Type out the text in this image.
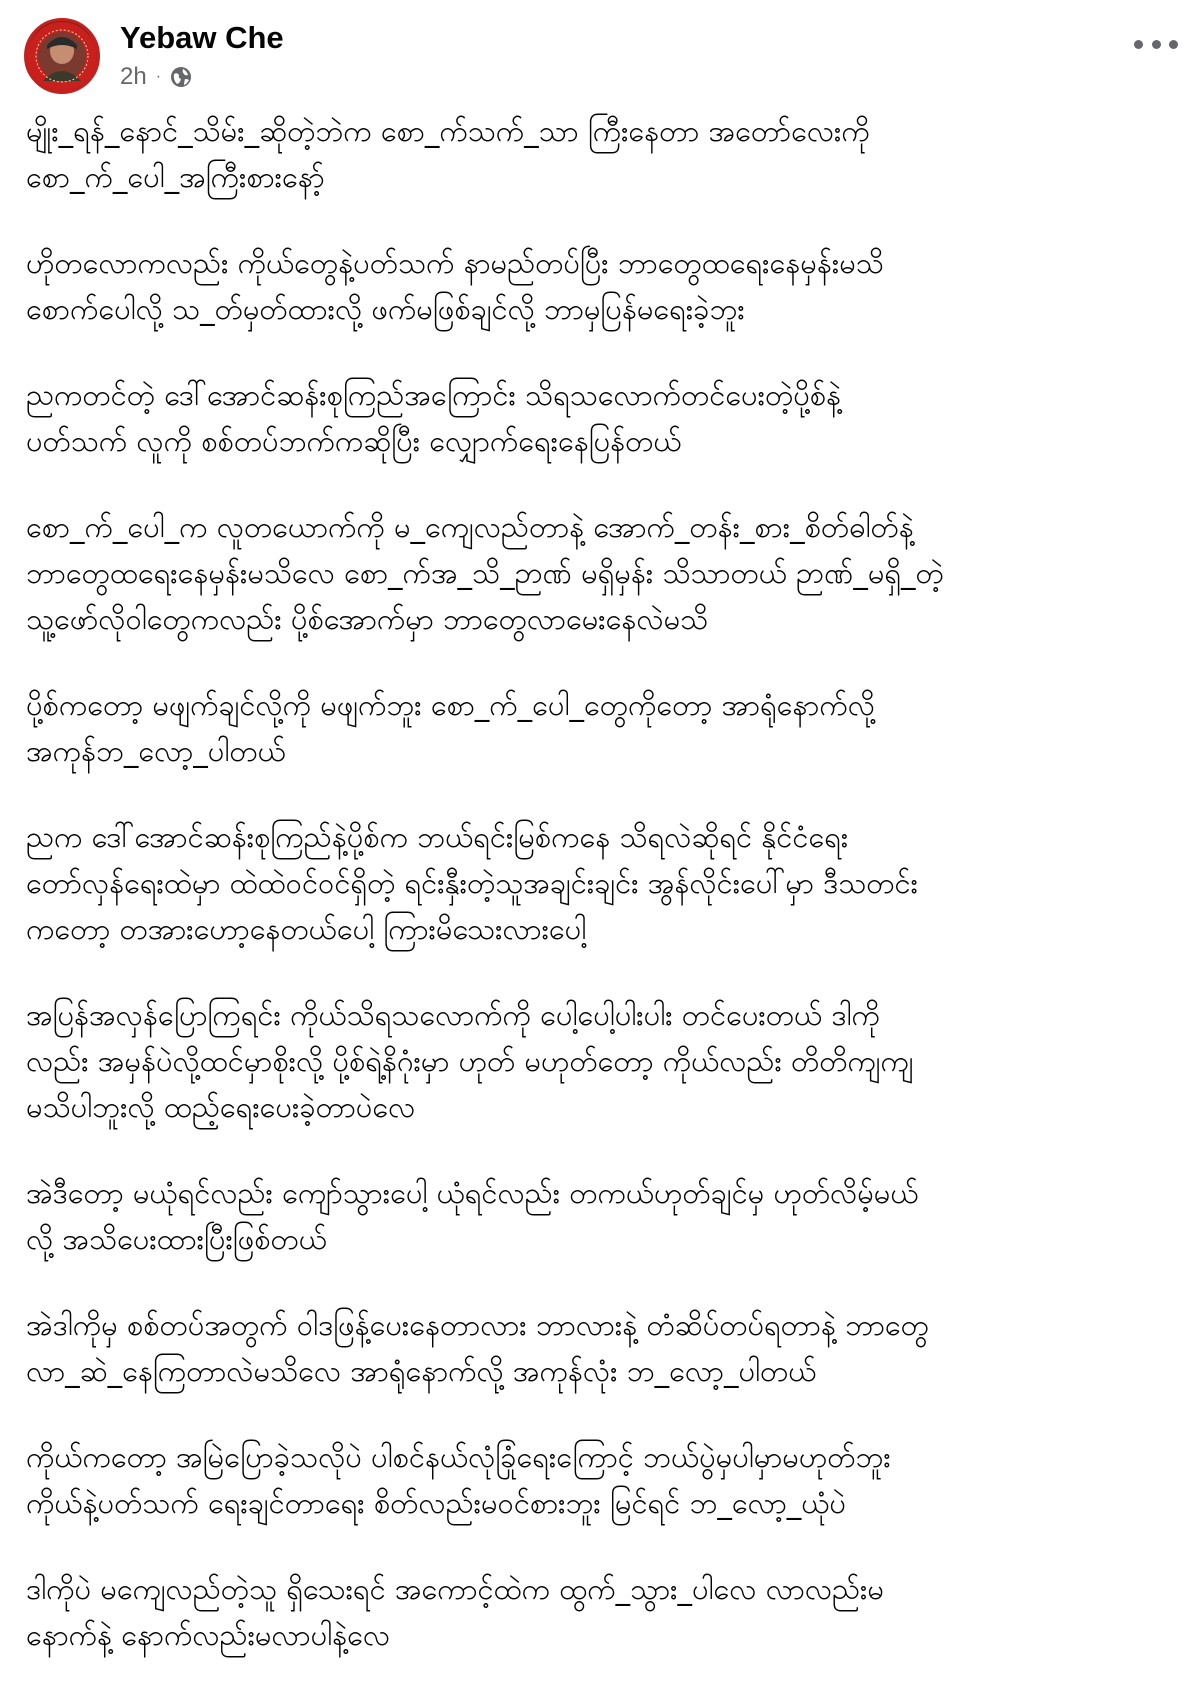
Yebaw Che
2h ·

မျိုး_ရန်_နောင်_သိမ်း_ဆိုတဲ့ဘဲက စော_က်သက်_သာ ကြီးနေတာ အတော်လေးကို
စော_က်_ပေါ_အကြီးစားနော့်

ဟိုတလောကလည်း ကိုယ်တွေနဲ့ပတ်သက် နာမည်တပ်ပြီး ဘာတွေထရေးနေမှန်းမသိ
စောက်ပေါလို့ သ_တ်မှတ်ထားလို့ ဖက်မဖြစ်ချင်လို့ ဘာမှပြန်မရေးခဲ့ဘူး

ညကတင်တဲ့ ဒေါ်အောင်ဆန်းစုကြည်အကြောင်း သိရသလောက်တင်ပေးတဲ့ပို့စ်နဲ့
ပတ်သက် လူကို စစ်တပ်ဘက်ကဆိုပြီး လျှောက်ရေးနေပြန်တယ်

စော_က်_ပေါ_က လူတယောက်ကို မ_ကျေလည်တာနဲ့ အောက်_တန်း_စား_စိတ်ဓါတ်နဲ့
ဘာတွေထရေးနေမှန်းမသိလေ စော_က်အ_သိ_ဉာဏ် မရှိမှန်း သိသာတယ် ဉာဏ်_မရှိ_တဲ့
သူ့ဖော်လိုဝါတွေကလည်း ပို့စ်အောက်မှာ ဘာတွေလာမေးနေလဲမသိ

ပို့စ်ကတော့ မဖျက်ချင်လို့ကို မဖျက်ဘူး စော_က်_ပေါ_တွေကိုတော့ အာရုံနောက်လို့
အကုန်ဘ_လော့_ပါတယ်

ညက ဒေါ်အောင်ဆန်းစုကြည်နဲ့ပို့စ်က ဘယ်ရင်းမြစ်ကနေ သိရလဲဆိုရင် နိုင်ငံရေး
တော်လှန်ရေးထဲမှာ ထဲထဲဝင်ဝင်ရှိတဲ့ ရင်းနှီးတဲ့သူအချင်းချင်း အွန်လိုင်းပေါ်မှာ ဒီသတင်း
ကတော့ တအားဟော့နေတယ်ပေါ့ ကြားမိသေးလားပေါ့

အပြန်အလှန်ပြောကြရင်း ကိုယ်သိရသလောက်ကို ပေါ့ပေါ့ပါးပါး တင်ပေးတယ် ဒါကို
လည်း အမှန်ပဲလို့ထင်မှာစိုးလို့ ပို့စ်ရဲ့နိဂုံးမှာ ဟုတ် မဟုတ်တော့ ကိုယ်လည်း တိတိကျကျ
မသိပါဘူးလို့ ထည့်ရေးပေးခဲ့တာပဲလေ

အဲဒီတော့ မယုံရင်လည်း ကျော်သွားပေါ့ ယုံရင်လည်း တကယ်ဟုတ်ချင်မှ ဟုတ်လိမ့်မယ်
လို့ အသိပေးထားပြီးဖြစ်တယ်

အဲဒါကိုမှ စစ်တပ်အတွက် ဝါဒဖြန့်ပေးနေတာလား ဘာလားနဲ့ တံဆိပ်တပ်ရတာနဲ့ ဘာတွေ
လာ_ဆဲ_နေကြတာလဲမသိလေ အာရုံနောက်လို့ အကုန်လုံး ဘ_လော့_ပါတယ်

ကိုယ်ကတော့ အမြဲပြောခဲ့သလိုပဲ ပါစင်နယ်လုံခြုံရေးကြောင့် ဘယ်ပွဲမှပါမှာမဟုတ်ဘူး
ကိုယ်နဲ့ပတ်သက် ရေးချင်တာရေး စိတ်လည်းမဝင်စားဘူး မြင်ရင် ဘ_လော့_ယုံပဲ

ဒါကိုပဲ မကျေလည်တဲ့သူ ရှိသေးရင် အကောင့်ထဲက ထွက်_သွား_ပါလေ လာလည်းမ
နောက်နဲ့ နောက်လည်းမလာပါနဲ့လေ
